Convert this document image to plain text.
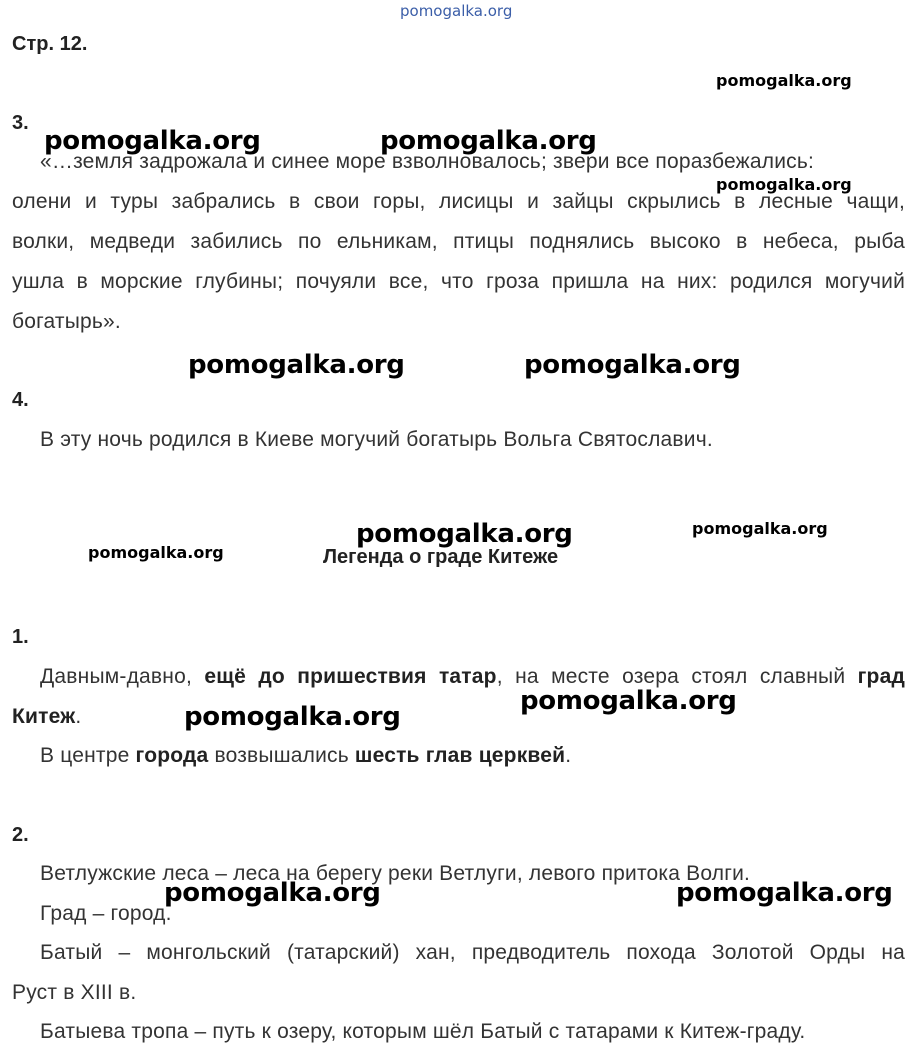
pomogalka.org
Стр. 12.
3.
«…земля задрожала и синее море взволновалось; звери все поразбежались:
олени и туры забрались в свои горы, лисицы и зайцы скрылись в лесные чащи,
волки, медведи забились по ельникам, птицы поднялись высоко в небеса, рыба
ушла в морские глубины; почуяли все, что гроза пришла на них: родился могучий
богатырь».
4.
В эту ночь родился в Киеве могучий богатырь Вольга Святославич.
Легенда о граде Китеже
1.
Давным-давно, ещё до пришествия татар, на месте озера стоял славный град
Китеж.
В центре города возвышались шесть глав церквей.
2.
Ветлужские леса – леса на берегу реки Ветлуги, левого притока Волги.
Град – город.
Батый – монгольский (татарский) хан, предводитель похода Золотой Орды на
Руст в XIII в.
Батыева тропа – путь к озеру, которым шёл Батый с татарами к Китеж-граду.
pomogalka.org
pomogalka.org	pomogalka.org
pomogalka.org
pomogalka.org	pomogalka.org
pomogalka.org	pomogalka.org
pomogalka.org
pomogalka.org
pomogalka.org
pomogalka.org	pomogalka.org
